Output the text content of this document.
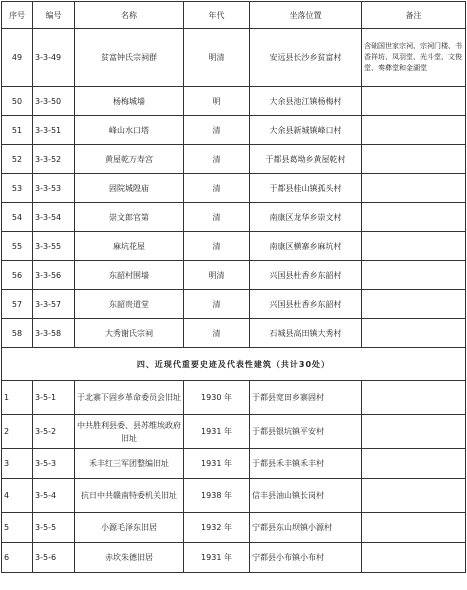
序号	编号	名称	年代	坐落位置	备注
49	3-3-49	贫富钟氏宗祠群	明清	安远县长沙乡贫富村	含础国世家宗祠、宗祠门楼、书香祥坊、凤羽堂、光斗堂、文俊堂、奏彝堂和金湖堂
50	3-3-50	杨梅城墙	明	大余县池江镇杨梅村	
51	3-3-51	峰山水口塔	清	大余县新城镇峰口村	
52	3-3-52	黄屋乾万寿宫	清	于都县葛坳乡黄屋乾村	
53	3-3-53	固院城隍庙	清	于都县桂山镇孤头村	
54	3-3-54	崇文郎官第	清	南康区龙华乡崇文村	
55	3-3-55	麻坑花屋	清	南康区横寨乡麻坑村	
56	3-3-56	东韶村围墙	明清	兴国县杜香乡东韶村	
57	3-3-57	东韶贵道堂	清	兴国县杜香乡东韶村	
58	3-3-58	大秀谢氏宗祠	清	石城县高田镇大秀村	
四、近现代重要史迹及代表性建筑（共计30处）					
1	3-5-1	于北寨下固乡革命委员会旧址	1930 年	于都县宽田乡寨固村	
2	3-5-2	中共胜利县委、县苏维埃政府旧址	1931 年	于都县银坑镇平安村	
3	3-5-3	禾丰红三军团整编旧址	1931 年	于都县禾丰镇禾丰村	
4	3-5-4	抗日中共赣南特委机关旧址	1938 年	信丰县油山镇长岗村	
5	3-5-5	小源毛泽东旧居	1932 年	宁都县东山坝镇小源村	
6	3-5-6	赤坎朱德旧居	1931 年	宁都县小布镇小布村	
